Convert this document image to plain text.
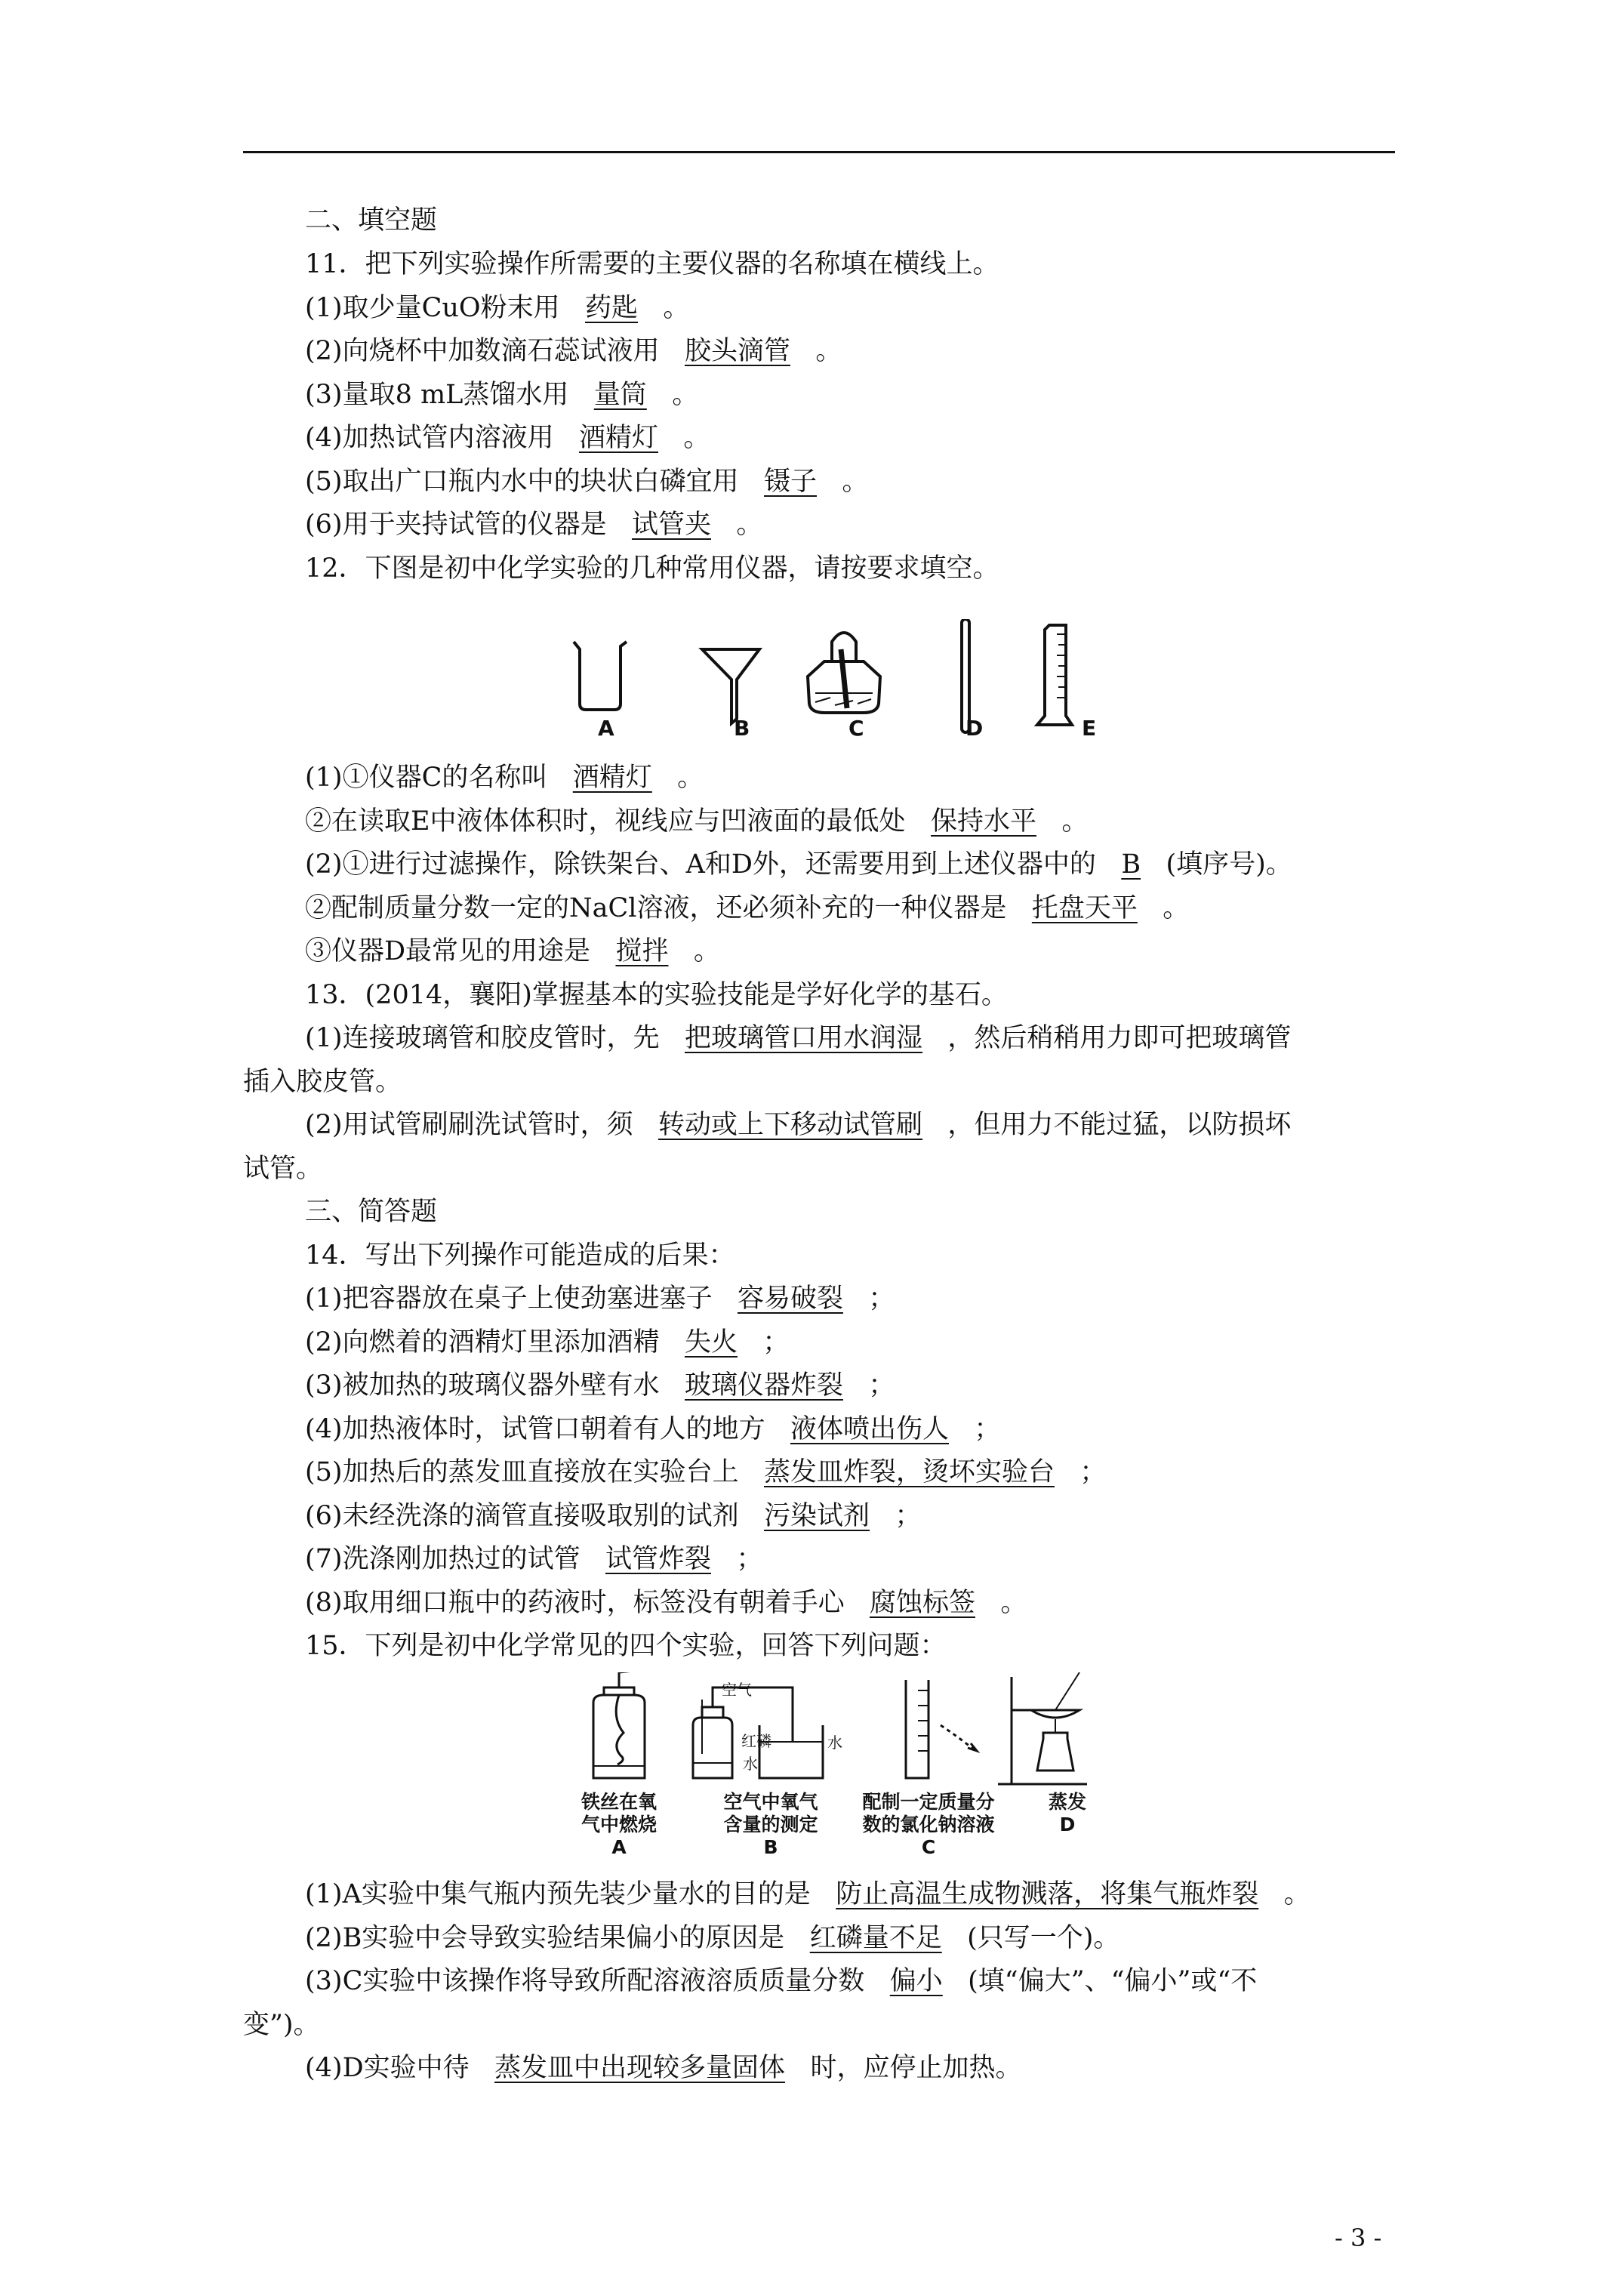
二、填空题
11．把下列实验操作所需要的主要仪器的名称填在横线上。
(1)取少量CuO粉末用 药匙 。
(2)向烧杯中加数滴石蕊试液用 胶头滴管 。
(3)量取8 mL蒸馏水用 量筒 。
(4)加热试管内溶液用 酒精灯 。
(5)取出广口瓶内水中的块状白磷宜用 镊子 。
(6)用于夹持试管的仪器是 试管夹 。
12．下图是初中化学实验的几种常用仪器，请按要求填空。
A	B	C	D	E
(1)①仪器C的名称叫 酒精灯 。
②在读取E中液体体积时，视线应与凹液面的最低处 保持水平 。
(2)①进行过滤操作，除铁架台、A和D外，还需要用到上述仪器中的 B (填序号)。
②配制质量分数一定的NaCl溶液，还必须补充的一种仪器是 托盘天平 。
③仪器D最常见的用途是 搅拌 。
13．(2014，襄阳)掌握基本的实验技能是学好化学的基石。
(1)连接玻璃管和胶皮管时，先 把玻璃管口用水润湿 ，然后稍稍用力即可把玻璃管
插入胶皮管。
(2)用试管刷刷洗试管时，须 转动或上下移动试管刷 ，但用力不能过猛，以防损坏
试管。
三、简答题
14．写出下列操作可能造成的后果：
(1)把容器放在桌子上使劲塞进塞子 容易破裂 ；
(2)向燃着的酒精灯里添加酒精 失火 ；
(3)被加热的玻璃仪器外壁有水 玻璃仪器炸裂 ；
(4)加热液体时，试管口朝着有人的地方 液体喷出伤人 ；
(5)加热后的蒸发皿直接放在实验台上 蒸发皿炸裂，烫坏实验台 ；
(6)未经洗涤的滴管直接吸取别的试剂 污染试剂 ；
(7)洗涤刚加热过的试管 试管炸裂 ；
(8)取用细口瓶中的药液时，标签没有朝着手心 腐蚀标签 。
15．下列是初中化学常见的四个实验，回答下列问题：
空气
红磷
水
水
铁丝在氧
气中燃烧
A
空气中氧气
含量的测定
B
配制一定质量分
数的氯化钠溶液
C
蒸发
D
(1)A实验中集气瓶内预先装少量水的目的是 防止高温生成物溅落，将集气瓶炸裂 。
(2)B实验中会导致实验结果偏小的原因是 红磷量不足 (只写一个)。
(3)C实验中该操作将导致所配溶液溶质质量分数 偏小 (填“偏大”、“偏小”或“不
变”)。
(4)D实验中待 蒸发皿中出现较多量固体 时，应停止加热。
- 3 -
